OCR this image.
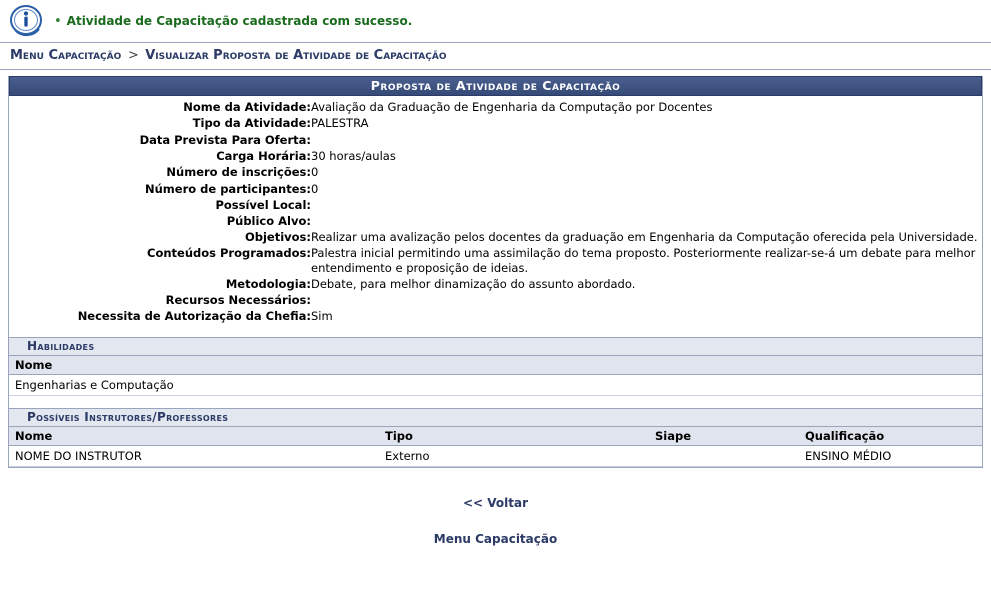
• Atividade de Capacitação cadastrada com sucesso.
Menu Capacitação > Visualizar Proposta de Atividade de Capacitação
Proposta de Atividade de Capacitação
Nome da Atividade:	Avaliação da Graduação de Engenharia da Computação por Docentes
Tipo da Atividade:	PALESTRA
Data Prevista Para Oferta:	
Carga Horária:	30 horas/aulas
Número de inscrições:	0
Número de participantes:	0
Possível Local:	
Público Alvo:	
Objetivos:	Realizar uma avalização pelos docentes da graduação em Engenharia da Computação oferecida pela Universidade.
Conteúdos Programados:	Palestra inicial permitindo uma assimilação do tema proposto. Posteriormente realizar-se-á um debate para melhor entendimento e proposição de ideias.
Metodologia:	Debate, para melhor dinamização do assunto abordado.
Recursos Necessários:	
Necessita de Autorização da Chefia:	Sim
Habilidades
Nome
Engenharias e Computação
Possíveis Instrutores/Professores
Nome	Tipo	Siape	Qualificação
NOME DO INSTRUTOR	Externo		ENSINO MÉDIO
<< Voltar
Menu Capacitação
